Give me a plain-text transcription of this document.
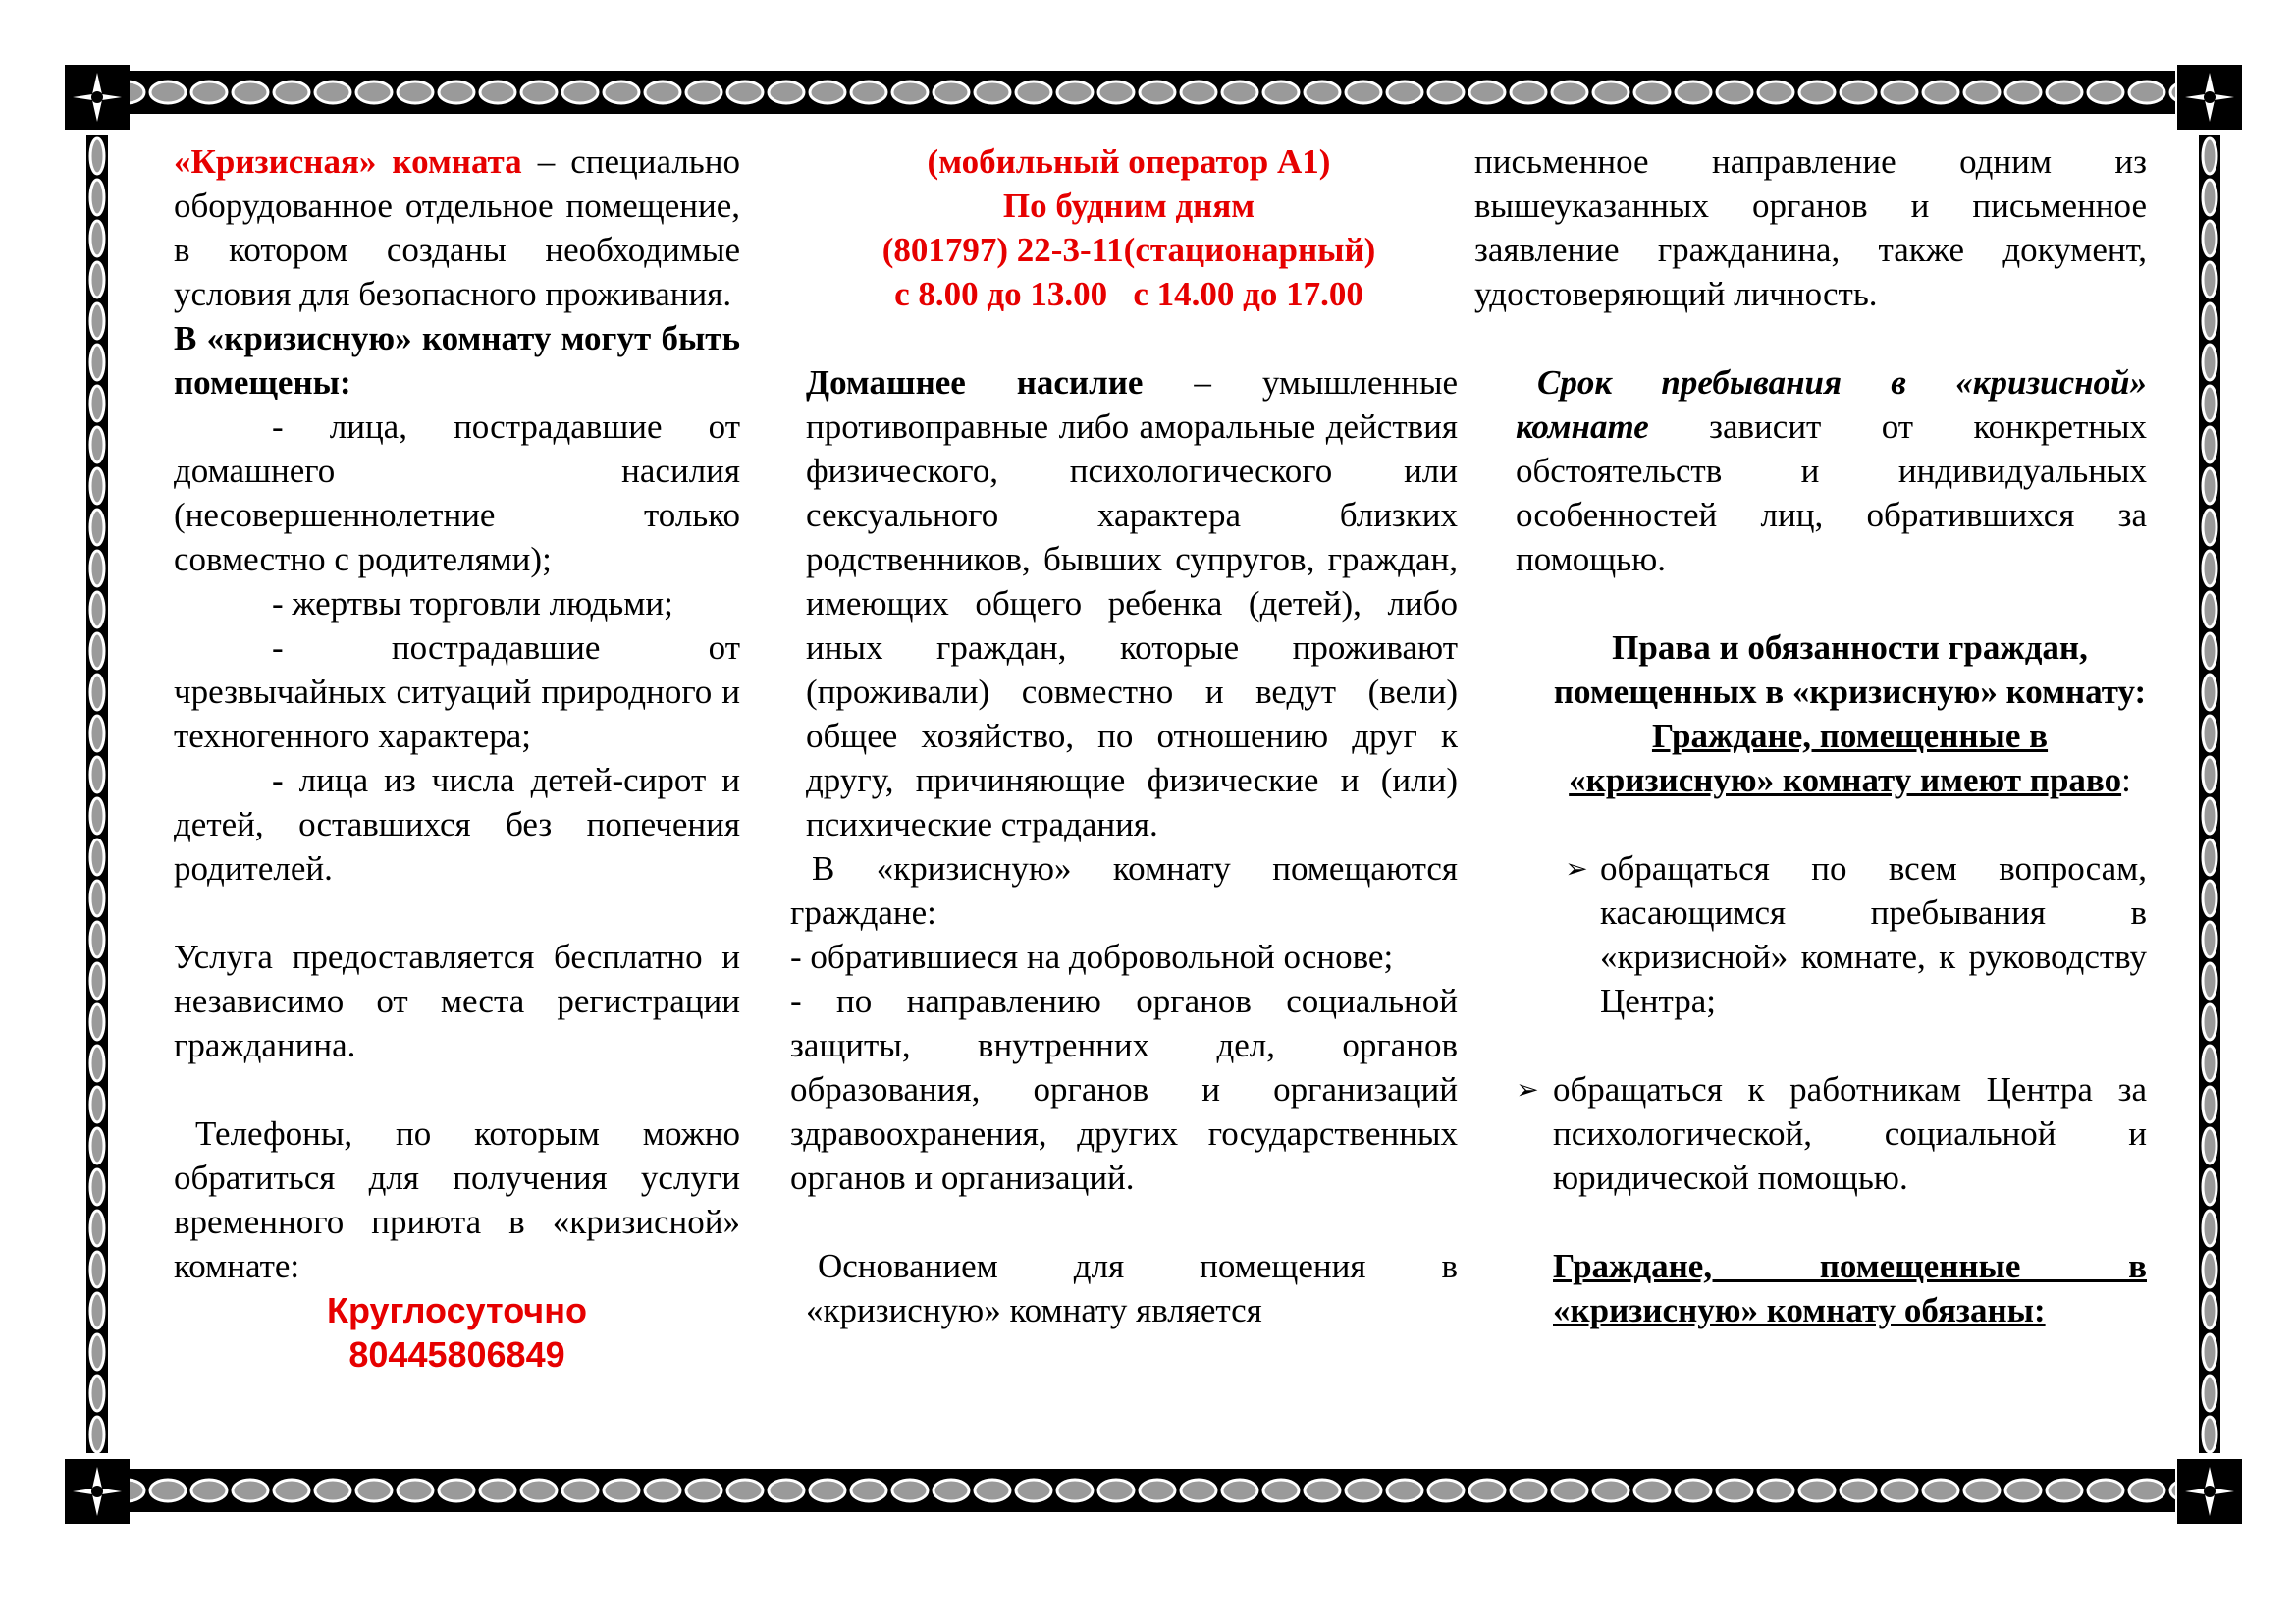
«Кризисная» комната – специально оборудованное отдельное помещение, в котором созданы необходимые условия для безопасного проживания.

В «кризисную» комнату могут быть помещены:

- лица, пострадавшие от домашнего насилия (несовершеннолетние только совместно с родителями);

- жертвы торговли людьми;

- пострадавшие от чрезвычайных ситуаций природного и техногенного характера;

- лица из числа детей-сирот и детей, оставшихся без попечения родителей.

Услуга предоставляется бесплатно и независимо от места регистрации гражданина.

Телефоны, по которым можно обратиться для получения услуги временного приюта в «кризисной» комнате:

Круглосуточно

80445806849

(мобильный оператор А1)

По будним дням

(801797) 22-3-11(стационарный)

с 8.00 до 13.00   с 14.00 до 17.00

Домашнее насилие – умышленные противоправные либо аморальные действия физического, психологического или сексуального характера близких родственников, бывших супругов, граждан, имеющих общего ребенка (детей), либо иных граждан, которые проживают (проживали) совместно и ведут (вели) общее хозяйство, по отношению друг к другу, причиняющие физические и (или) психические страдания.

В «кризисную» комнату помещаются граждане:

- обратившиеся на добровольной основе;

- по направлению органов социальной защиты, внутренних дел, органов образования, органов и организаций здравоохранения, других государственных органов и организаций.

Основанием для помещения в «кризисную» комнату является

письменное направление одним из вышеуказанных органов и письменное заявление гражданина, также документ, удостоверяющий личность.

Срок пребывания в «кризисной» комнате зависит от конкретных обстоятельств и индивидуальных особенностей лиц, обратившихся за помощью.

Права и обязанности граждан, помещенных в «кризисную» комнату:

Граждане, помещенные в «кризисную» комнату имеют право:

➢ обращаться по всем вопросам, касающимся пребывания в «кризисной» комнате, к руководству Центра;
➢ обращаться к работникам Центра за психологической, социальной и юридической помощью.

Граждане, помещенные в «кризисную» комнату обязаны:
